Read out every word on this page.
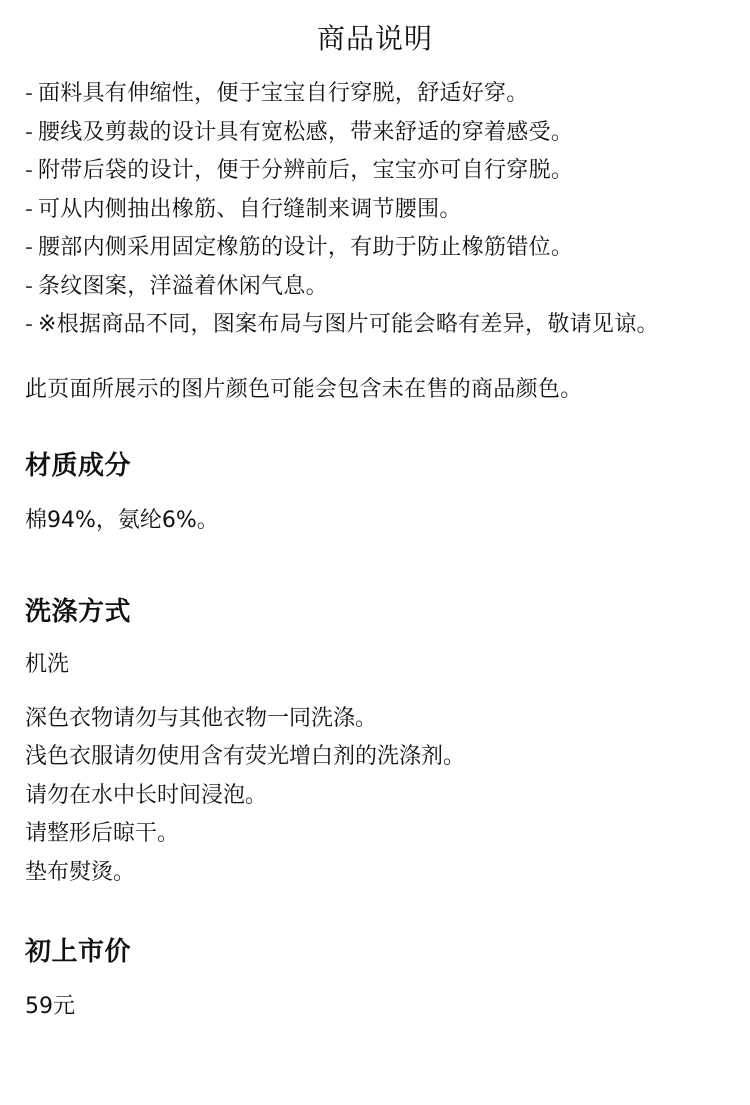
商品说明
- 面料具有伸缩性，便于宝宝自行穿脱，舒适好穿。
- 腰线及剪裁的设计具有宽松感，带来舒适的穿着感受。
- 附带后袋的设计，便于分辨前后，宝宝亦可自行穿脱。
- 可从内侧抽出橡筋、自行缝制来调节腰围。
- 腰部内侧采用固定橡筋的设计，有助于防止橡筋错位。
- 条纹图案，洋溢着休闲气息。
- ※根据商品不同，图案布局与图片可能会略有差异，敬请见谅。

此页面所展示的图片颜色可能会包含未在售的商品颜色。

材质成分

棉94%，氨纶6%。

洗涤方式

机洗

深色衣物请勿与其他衣物一同洗涤。
浅色衣服请勿使用含有荧光增白剂的洗涤剂。
请勿在水中长时间浸泡。
请整形后晾干。
垫布熨烫。
初上市价

59元
